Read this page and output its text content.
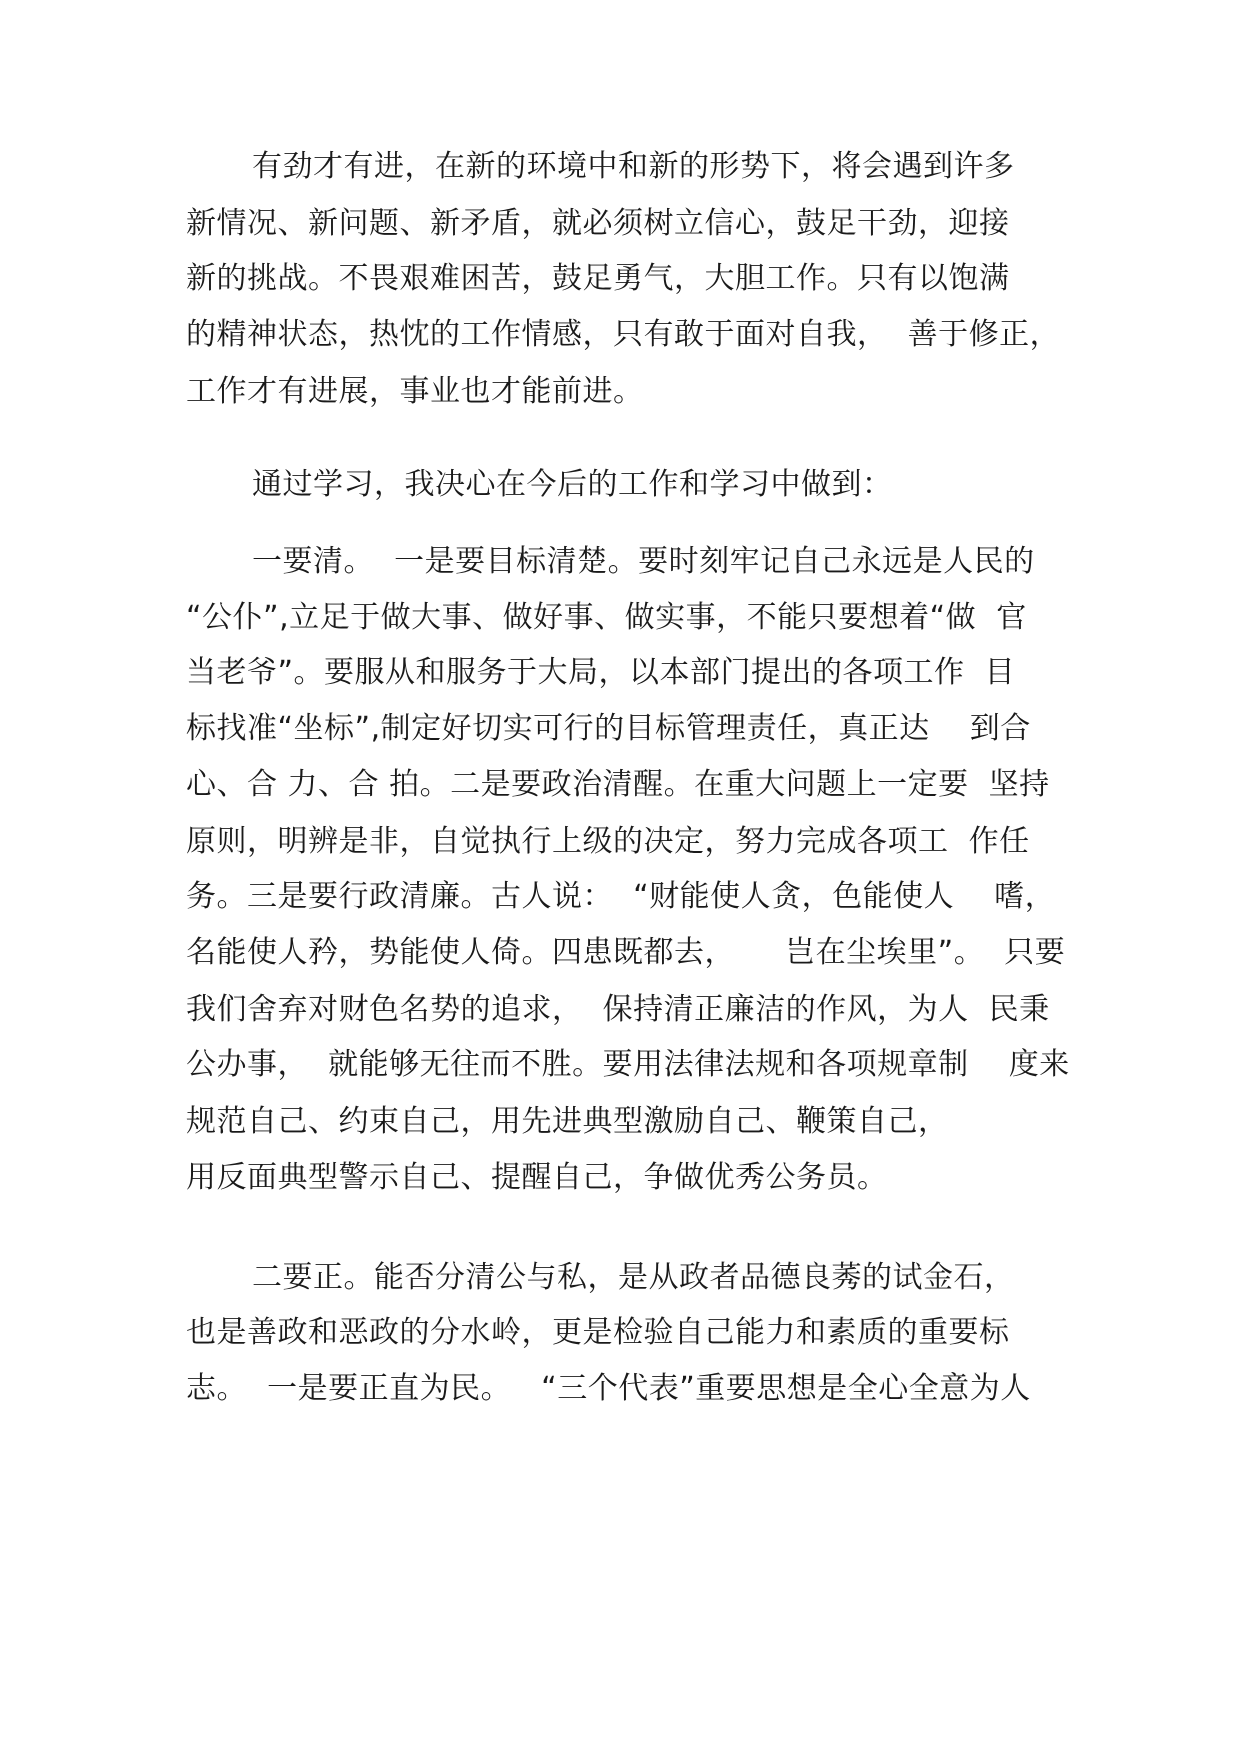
有劲才有进，在新的环境中和新的形势下，将会遇到许多
新情况、新问题、新矛盾，就必须树立信心，鼓足干劲，迎接
新的挑战。不畏艰难困苦，鼓足勇气，大胆工作。只有以饱满
的精神状态，热忱的工作情感，只有敢于面对自我，  善于修正，
工作才有进展，事业也才能前进。
通过学习，我决心在今后的工作和学习中做到：
一要清。  一是要目标清楚。要时刻牢记自己永远是人民的
“公仆”,立足于做大事、做好事、做实事，不能只要想着“做  官
当老爷”。要服从和服务于大局，以本部门提出的各项工作  目
标找准“坐标”,制定好切实可行的目标管理责任，真正达    到合
心、合 力、合 拍。二是要政治清醒。在重大问题上一定要  坚持
原则，明辨是非，自觉执行上级的决定，努力完成各项工  作任
务。三是要行政清廉。古人说：  “财能使人贪，色能使人    嗜，
名能使人矜，势能使人倚。四患既都去，     岂在尘埃里”。  只要
我们舍弃对财色名势的追求，  保持清正廉洁的作风，为人  民秉
公办事，  就能够无往而不胜。要用法律法规和各项规章制    度来
规范自己、约束自己，用先进典型激励自己、鞭策自己，
用反面典型警示自己、提醒自己，争做优秀公务员。
二要正。能否分清公与私，是从政者品德良莠的试金石，
也是善政和恶政的分水岭，更是检验自己能力和素质的重要标
志。  一是要正直为民。   “三个代表”重要思想是全心全意为人
